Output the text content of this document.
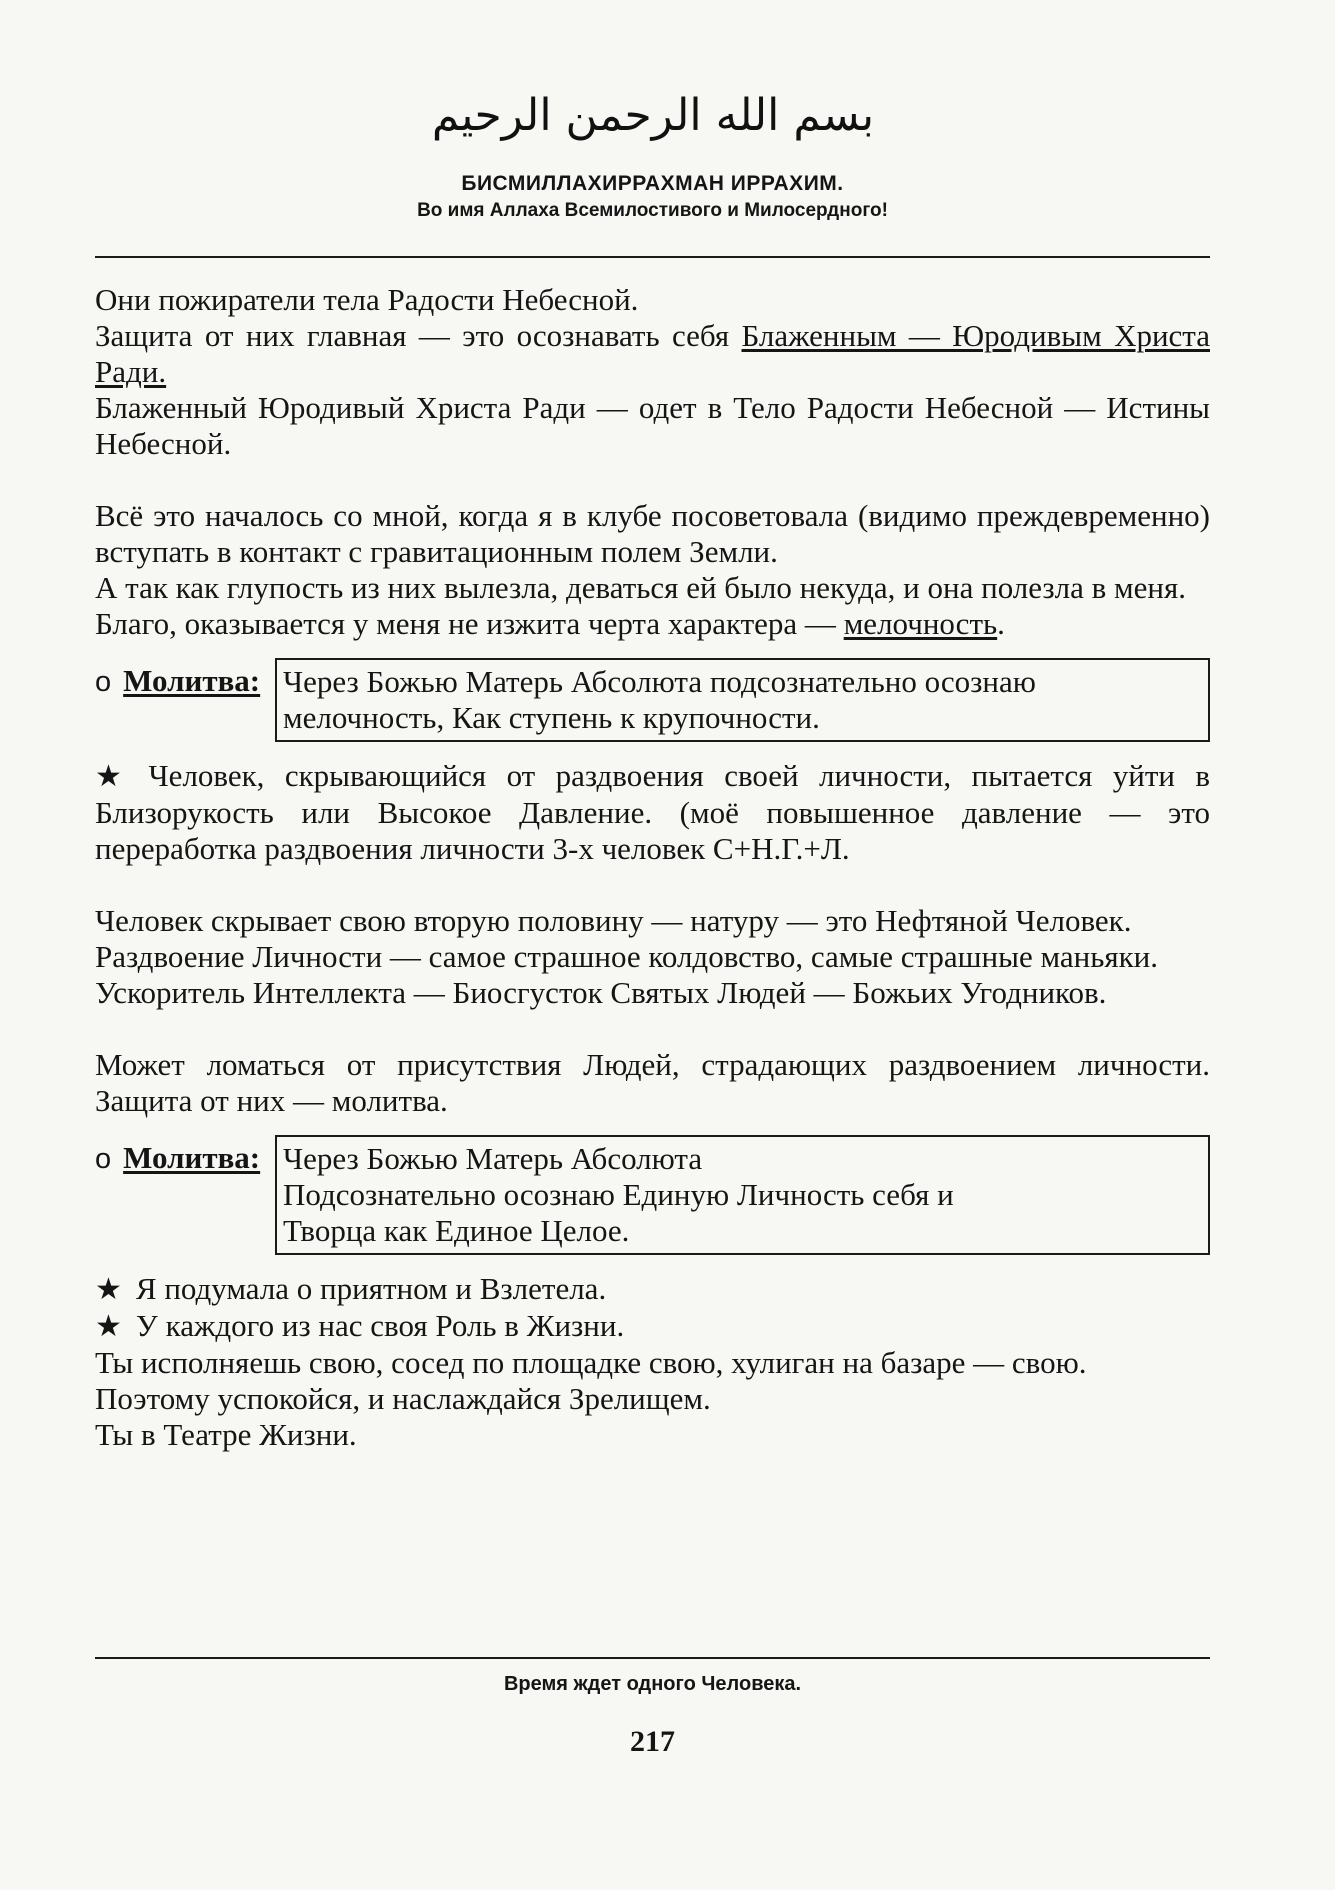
بسم الله الرحمن الرحيم
БИСМИЛЛАХИРРАХМАН ИРРАХИМ.
Во имя Аллаха Всемилостивого и Милосердного!

Они пожиратели тела Радости Небесной.

Защита от них главная — это осознавать себя Блаженным — Юродивым Христа Ради.

Блаженный Юродивый Христа Ради — одет в Тело Радости Небесной — Истины Небесной.

Всё это началось со мной, когда я в клубе посоветовала (видимо преждевременно) вступать в контакт с гравитационным полем Земли.

А так как глупость из них вылезла, деваться ей было некуда, и она полезла в меня.

Благо, оказывается у меня не изжита черта характера — мелочность.

о Молитва: Через Божью Матерь Абсолюта подсознательно осознаю
мелочность, Как ступень к крупочности.

★ Человек, скрывающийся от раздвоения своей личности, пытается уйти в Близорукость или Высокое Давление. (моё повышенное давление — это переработка раздвоения личности 3-х человек С+Н.Г.+Л.

Человек скрывает свою вторую половину — натуру — это Нефтяной Человек.

Раздвоение Личности — самое страшное колдовство, самые страшные маньяки.

Ускоритель Интеллекта — Биосгусток Святых Людей — Божьих Угодников.

Может ломаться от присутствия Людей, страдающих раздвоением личности. Защита от них — молитва.

о Молитва: Через Божью Матерь Абсолюта
Подсознательно осознаю Единую Личность себя и
Творца как Единое Целое.

★ Я подумала о приятном и Взлетела.

★ У каждого из нас своя Роль в Жизни.

Ты исполняешь свою, сосед по площадке свою, хулиган на базаре — свою.

Поэтому успокойся, и наслаждайся Зрелищем.

Ты в Театре Жизни.

Время ждет одного Человека.
217
